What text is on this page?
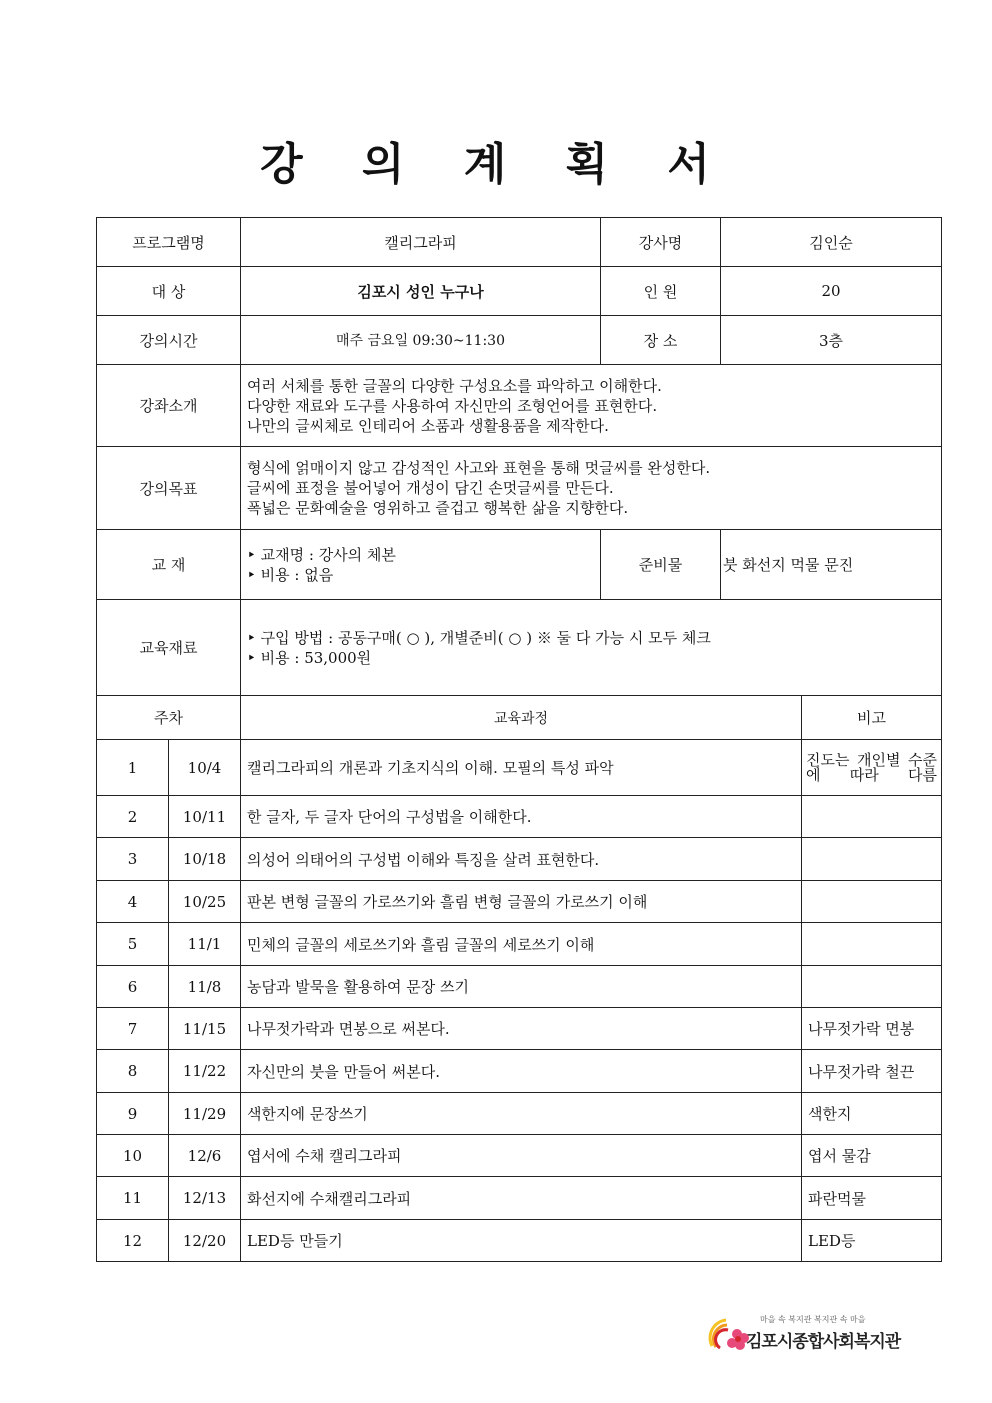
강 의 계 획 서
프로그램명		캘리그라피	강사명	김인순	
대 상		김포시 성인 누구나	인 원	20	
강의시간		매주 금요일 09:30~11:30	장 소	3층	
강좌소개		여러 서체를 통한 글꼴의 다양한 구성요소를 파악하고 이해한다.
다양한 재료와 도구를 사용하여 자신만의 조형언어를 표현한다.
나만의 글씨체로 인테리어 소품과 생활용품을 제작한다.			

강의목표		형식에 얽매이지 않고 감성적인 사고와 표현을 통해 멋글씨를 완성한다.
글씨에 표정을 불어넣어 개성이 담긴 손멋글씨를 만든다.
폭넓은 문화예술을 영위하고 즐겁고 행복한 삶을 지향한다.			

교 재		‣ 교재명 : 강사의 체본
‣ 비용 : 없음	준비물	붓 화선지 먹물 문진	
교육재료		‣ 구입 방법 : 공동구매( ○ ), 개별준비( ○ ) ※ 둘 다 가능 시 모두 체크
‣ 비용 : 53,000원			

주차		교육과정			비고
1	10/4	캘리그라피의 개론과 기초지식의 이해. 모필의 특성 파악			진도는 개인별 수준에 따라 다름
2	10/11	한 글자, 두 글자 단어의 구성법을 이해한다.			
3	10/18	의성어 의태어의 구성법 이해와 특징을 살려 표현한다.			
4	10/25	판본 변형 글꼴의 가로쓰기와 흘림 변형 글꼴의 가로쓰기 이해			
5	11/1	민체의 글꼴의 세로쓰기와 흘림 글꼴의 세로쓰기 이해			
6	11/8	농담과 발묵을 활용하여 문장 쓰기			
7	11/15	나무젓가락과 면봉으로 써본다.			나무젓가락 면봉
8	11/22	자신만의 붓을 만들어 써본다.			나무젓가락 철끈
9	11/29	색한지에 문장쓰기			색한지
10	12/6	엽서에 수채 캘리그라피			엽서 물감
11	12/13	화선지에 수채캘리그라피			파란먹물
12	12/20	LED등 만들기			LED등
마을 속 복지관 복지관 속 마을
김포시종합사회복지관
